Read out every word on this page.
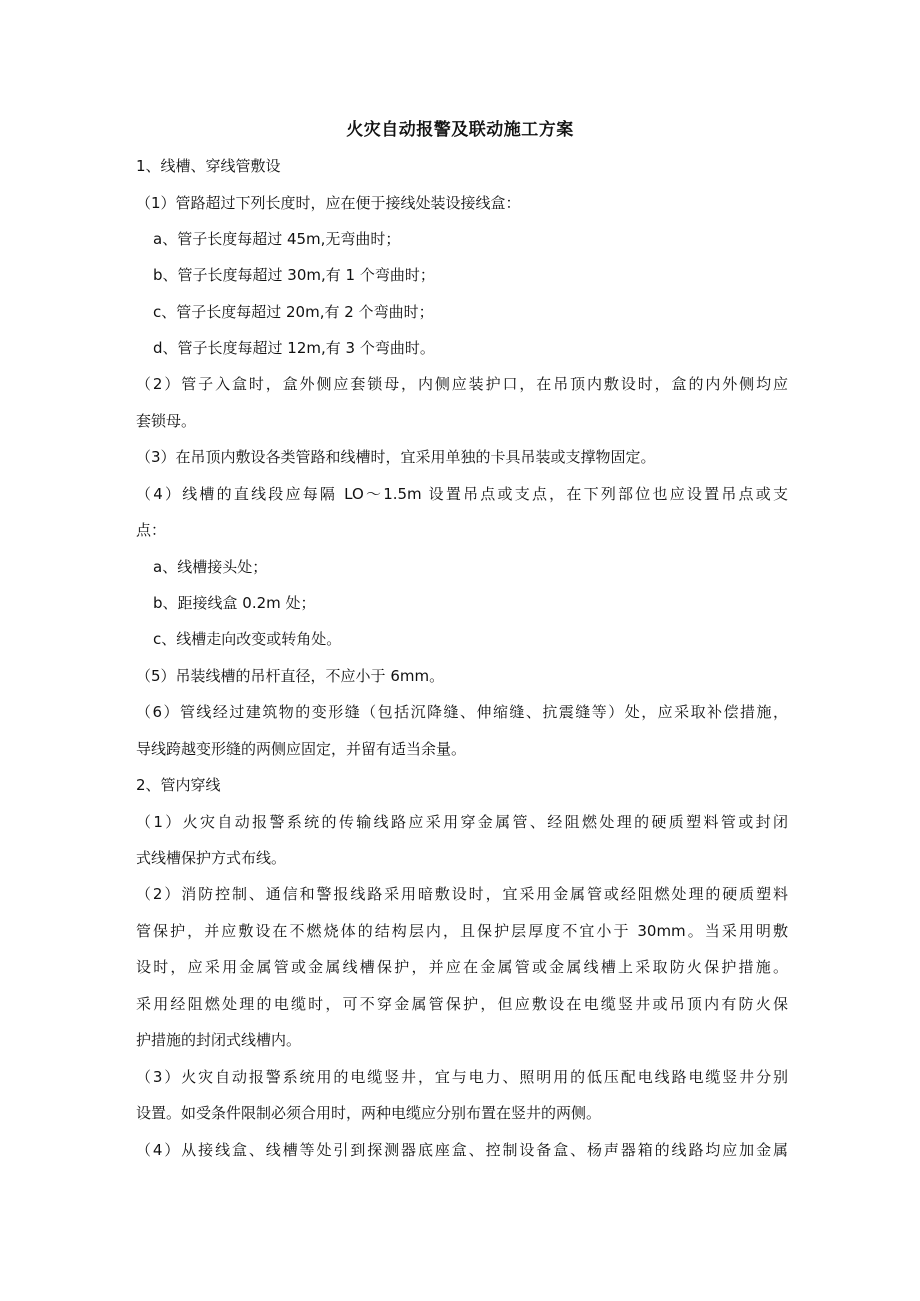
火灾自动报警及联动施工方案
1、线槽、穿线管敷设
（1）管路超过下列长度时，应在便于接线处装设接线盒：
a、管子长度每超过 45m,无弯曲时；
b、管子长度每超过 30m,有 1 个弯曲时；
c、管子长度每超过 20m,有 2 个弯曲时；
d、管子长度每超过 12m,有 3 个弯曲时。
（2）管子入盒时，盒外侧应套锁母，内侧应装护口，在吊顶内敷设时，盒的内外侧均应
套锁母。
（3）在吊顶内敷设各类管路和线槽时，宜采用单独的卡具吊装或支撑物固定。
（4）线槽的直线段应每隔 LO～1.5m 设置吊点或支点，在下列部位也应设置吊点或支
点：
a、线槽接头处；
b、距接线盒 0.2m 处；
c、线槽走向改变或转角处。
（5）吊装线槽的吊杆直径，不应小于 6mm。
（6）管线经过建筑物的变形缝（包括沉降缝、伸缩缝、抗震缝等）处，应采取补偿措施，
导线跨越变形缝的两侧应固定，并留有适当余量。
2、管内穿线
（1）火灾自动报警系统的传输线路应采用穿金属管、经阻燃处理的硬质塑料管或封闭
式线槽保护方式布线。
（2）消防控制、通信和警报线路采用暗敷设时，宜采用金属管或经阻燃处理的硬质塑料
管保护，并应敷设在不燃烧体的结构层内，且保护层厚度不宜小于 30mm。当采用明敷
设时，应采用金属管或金属线槽保护，并应在金属管或金属线槽上采取防火保护措施。
采用经阻燃处理的电缆时，可不穿金属管保护，但应敷设在电缆竖井或吊顶内有防火保
护措施的封闭式线槽内。
（3）火灾自动报警系统用的电缆竖井，宜与电力、照明用的低压配电线路电缆竖井分别
设置。如受条件限制必须合用时，两种电缆应分别布置在竖井的两侧。
（4）从接线盒、线槽等处引到探测器底座盒、控制设备盒、杨声器箱的线路均应加金属
